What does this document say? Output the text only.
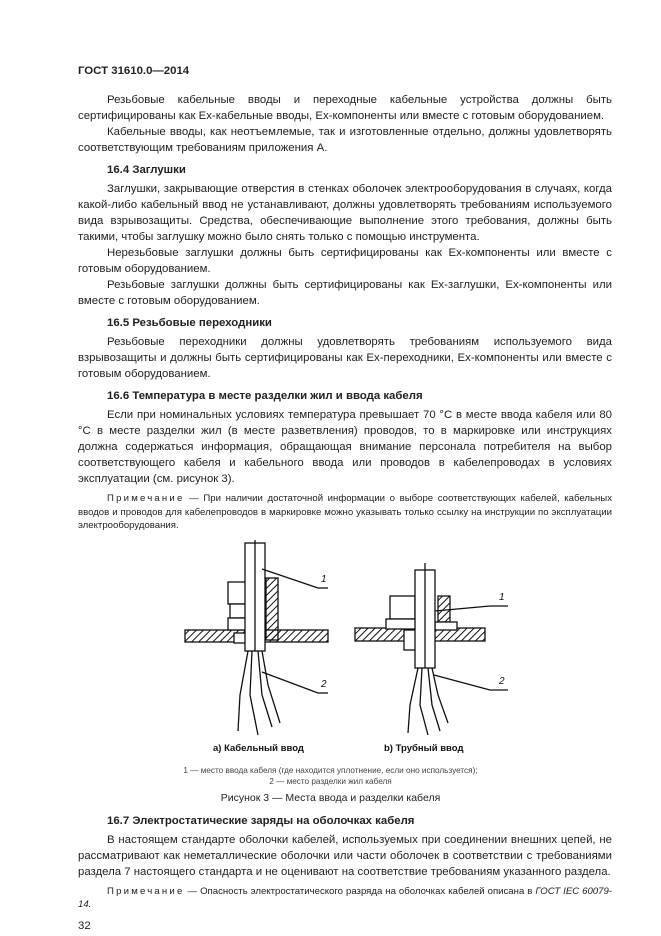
ГОСТ 31610.0—2014

Резьбовые кабельные вводы и переходные кабельные устройства должны быть сертифицированы как Ex-кабельные вводы, Ex-компоненты или вместе с готовым оборудованием.

Кабельные вводы, как неотъемлемые, так и изготовленные отдельно, должны удовлетворять соответствующим требованиям приложения А.

16.4 Заглушки

Заглушки, закрывающие отверстия в стенках оболочек электрооборудования в случаях, когда какой-либо кабельный ввод не устанавливают, должны удовлетворять требованиям используемого вида взрывозащиты. Средства, обеспечивающие выполнение этого требования, должны быть такими, чтобы заглушку можно было снять только с помощью инструмента.

Нерезьбовые заглушки должны быть сертифицированы как Ex-компоненты или вместе с готовым оборудованием.

Резьбовые заглушки должны быть сертифицированы как Ex-заглушки, Ex-компоненты или вместе с готовым оборудованием.

16.5 Резьбовые переходники

Резьбовые переходники должны удовлетворять требованиям используемого вида взрывозащиты и должны быть сертифицированы как Ex-переходники, Ex-компоненты или вместе с готовым оборудованием.

16.6 Температура в месте разделки жил и ввода кабеля

Если при номинальных условиях температура превышает 70 °С в месте ввода кабеля или 80 °С в месте разделки жил (в месте разветвления) проводов, то в маркировке или инструкциях должна содержаться информация, обращающая внимание персонала потребителя на выбор соответствующего кабеля и кабельного ввода или проводов в кабелепроводах в условиях эксплуатации (см. рисунок 3).

Примечание — При наличии достаточной информации о выборе соответствующих кабелей, кабельных вводов и проводов для кабелепроводов в маркировке можно указывать только ссылку на инструкции по эксплуатации электрооборудования.

1
2
1
2
а) Кабельный ввод	b) Трубный ввод
1 — место ввода кабеля (где находится уплотнение, если оно используется);
2 — место разделки жил кабеля
Рисунок 3 — Места ввода и разделки кабеля
16.7 Электростатические заряды на оболочках кабеля

В настоящем стандарте оболочки кабелей, используемых при соединении внешних цепей, не рассматривают как неметаллические оболочки или части оболочек в соответствии с требованиями раздела 7 настоящего стандарта и не оценивают на соответствие требованиям указанного раздела.

Примечание — Опасность электростатического разряда на оболочках кабелей описана в ГОСТ IEC 60079-14.

32
